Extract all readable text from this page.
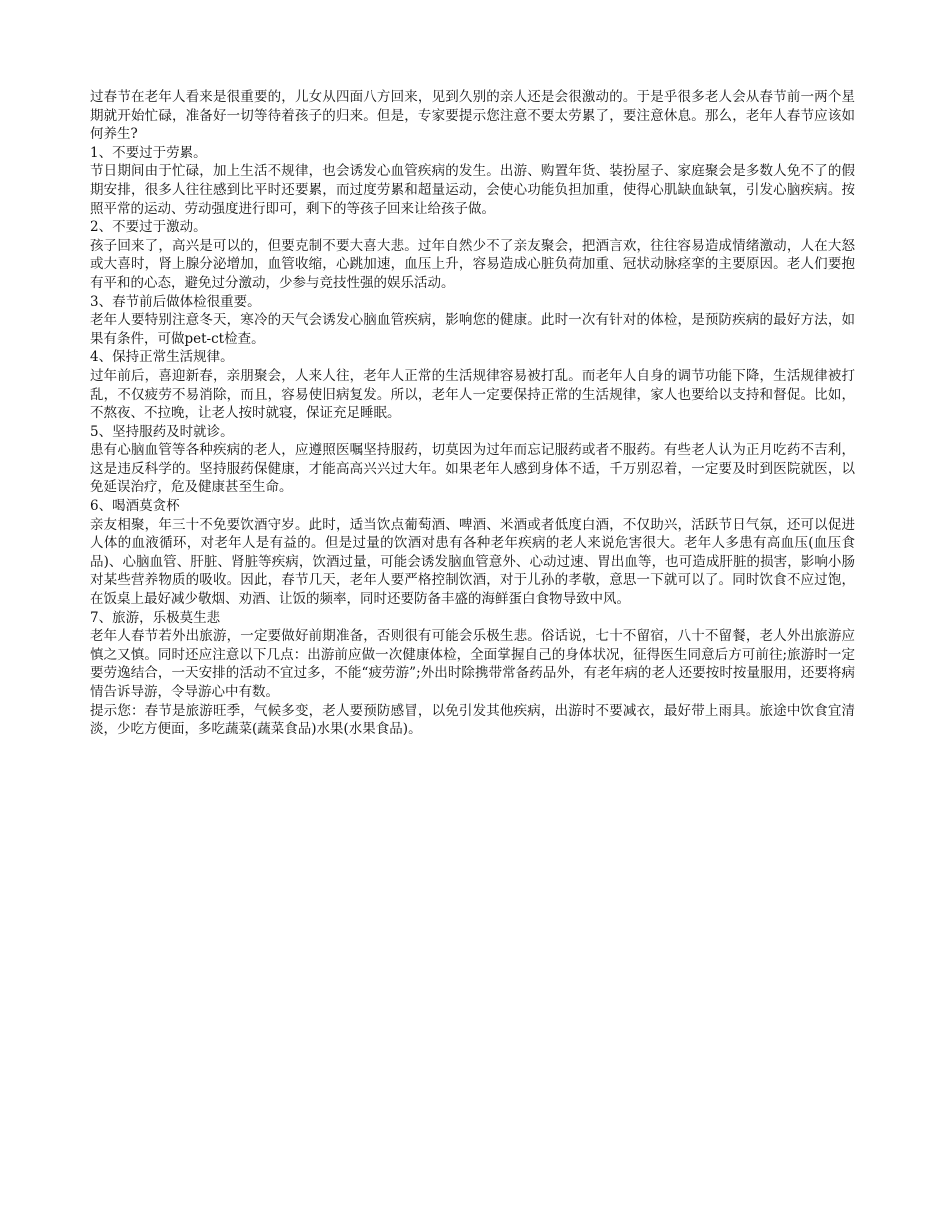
过春节在老年人看来是很重要的，儿女从四面八方回来，见到久别的亲人还是会很激动的。于是乎很多老人会从春节前一两个星期就开始忙碌，准备好一切等待着孩子的归来。但是，专家要提示您注意不要太劳累了，要注意休息。那么，老年人春节应该如何养生?

1、不要过于劳累。

节日期间由于忙碌，加上生活不规律，也会诱发心血管疾病的发生。出游、购置年货、装扮屋子、家庭聚会是多数人免不了的假期安排，很多人往往感到比平时还要累，而过度劳累和超量运动，会使心功能负担加重，使得心肌缺血缺氧，引发心脑疾病。按照平常的运动、劳动强度进行即可，剩下的等孩子回来让给孩子做。

2、不要过于激动。

孩子回来了，高兴是可以的，但要克制不要大喜大悲。过年自然少不了亲友聚会，把酒言欢，往往容易造成情绪激动，人在大怒或大喜时，肾上腺分泌增加，血管收缩，心跳加速，血压上升，容易造成心脏负荷加重、冠状动脉痉挛的主要原因。老人们要抱有平和的心态，避免过分激动，少参与竞技性强的娱乐活动。

3、春节前后做体检很重要。

老年人要特别注意冬天，寒冷的天气会诱发心脑血管疾病，影响您的健康。此时一次有针对的体检，是预防疾病的最好方法，如果有条件，可做pet-ct检查。

4、保持正常生活规律。

过年前后，喜迎新春，亲朋聚会，人来人往，老年人正常的生活规律容易被打乱。而老年人自身的调节功能下降，生活规律被打乱，不仅疲劳不易消除，而且，容易使旧病复发。所以，老年人一定要保持正常的生活规律，家人也要给以支持和督促。比如，不熬夜、不拉晚，让老人按时就寝，保证充足睡眠。

5、坚持服药及时就诊。

患有心脑血管等各种疾病的老人，应遵照医嘱坚持服药，切莫因为过年而忘记服药或者不服药。有些老人认为正月吃药不吉利，这是违反科学的。坚持服药保健康，才能高高兴兴过大年。如果老年人感到身体不适，千万别忍着，一定要及时到医院就医，以免延误治疗，危及健康甚至生命。

6、喝酒莫贪杯

亲友相聚，年三十不免要饮酒守岁。此时，适当饮点葡萄酒、啤酒、米酒或者低度白酒，不仅助兴，活跃节日气氛，还可以促进人体的血液循环，对老年人是有益的。但是过量的饮酒对患有各种老年疾病的老人来说危害很大。老年人多患有高血压(血压食品)、心脑血管、肝脏、肾脏等疾病，饮酒过量，可能会诱发脑血管意外、心动过速、胃出血等，也可造成肝脏的损害，影响小肠对某些营养物质的吸收。因此，春节几天，老年人要严格控制饮酒，对于儿孙的孝敬，意思一下就可以了。同时饮食不应过饱，在饭桌上最好减少敬烟、劝酒、让饭的频率，同时还要防备丰盛的海鲜蛋白食物导致中风。

7、旅游，乐极莫生悲

老年人春节若外出旅游，一定要做好前期准备，否则很有可能会乐极生悲。俗话说，七十不留宿，八十不留餐，老人外出旅游应慎之又慎。同时还应注意以下几点：出游前应做一次健康体检，全面掌握自己的身体状况，征得医生同意后方可前往;旅游时一定要劳逸结合，一天安排的活动不宜过多，不能“疲劳游”;外出时除携带常备药品外，有老年病的老人还要按时按量服用，还要将病情告诉导游，令导游心中有数。

提示您：春节是旅游旺季，气候多变，老人要预防感冒，以免引发其他疾病，出游时不要减衣，最好带上雨具。旅途中饮食宜清淡，少吃方便面，多吃蔬菜(蔬菜食品)水果(水果食品)。
